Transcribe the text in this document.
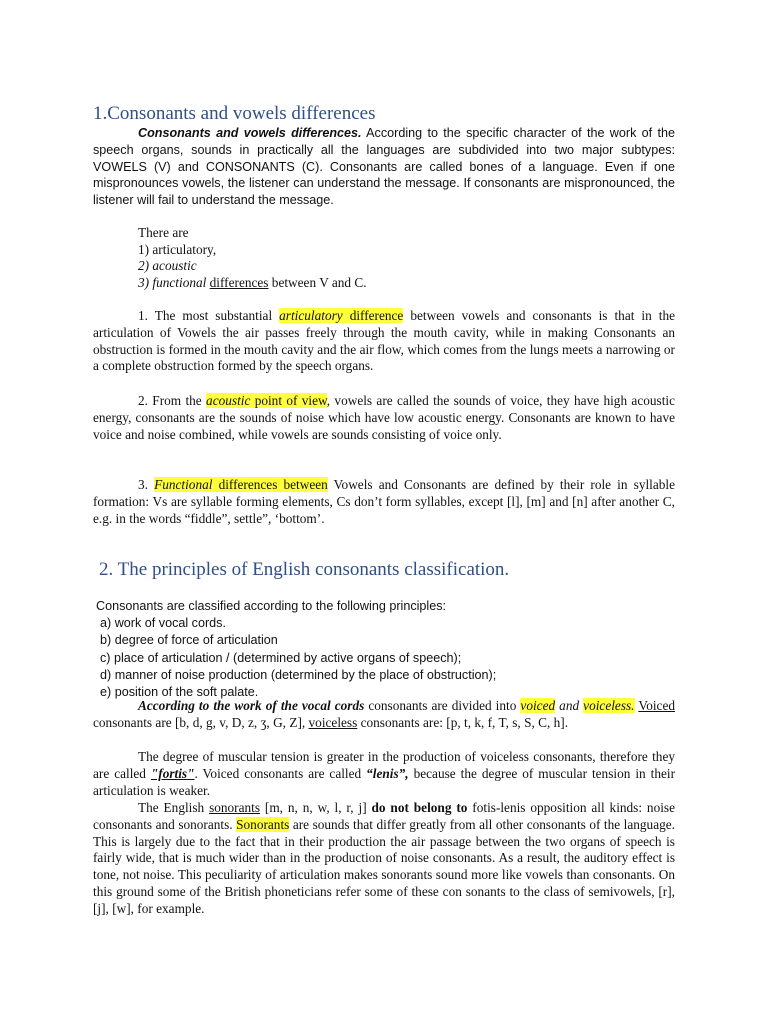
1.Consonants and vowels differences

Consonants and vowels differences. According to the specific character of the work of the speech organs, sounds in practically all the languages are subdivided into two major subtypes: VOWELS (V) and CONSONANTS (C). Consonants are called bones of a language. Even if one mispronounces vowels, the listener can understand the message. If consonants are mispronounced, the listener will fail to understand the message.

There are
1) articulatory,
2) acoustic
3) functional differences between V and C.

1. The most substantial articulatory difference between vowels and consonants is that in the articulation of Vowels the air passes freely through the mouth cavity, while in making Consonants an obstruction is formed in the mouth cavity and the air flow, which comes from the lungs meets a narrowing or a complete obstruction formed by the speech organs.

2. From the acoustic point of view, vowels are called the sounds of voice, they have high acoustic energy, consonants are the sounds of noise which have low acoustic energy. Consonants are known to have voice and noise combined, while vowels are sounds consisting of voice only.

3. Functional differences between Vowels and Consonants are defined by their role in syllable formation: Vs are syllable forming elements, Cs don’t form syllables, except [l], [m] and [n] after another C, e.g. in the words “fiddle”, settle”, ‘bottom’.

2. The principles of English consonants classification.
Consonants are classified according to the following principles:
a) work of vocal cords.
b) degree of force of articulation
c) place of articulation / (determined by active organs of speech);
d) manner of noise production (determined by the place of obstruction);
e) position of the soft palate.

According to the work of the vocal cords consonants are divided into voiced and voiceless. Voiced consonants are [b, d, g, v, D, z, ʒ, G, Z], voiceless consonants are: [p, t, k, f, T, s, S, C, h].

The degree of muscular tension is greater in the production of voiceless consonants, therefore they are called "fortis". Voiced consonants are called “lenis”, because the degree of muscular tension in their articulation is weaker.

The English sonorants [m, n, n, w, l, r, j] do not belong to fotis-lenis opposition all kinds: noise consonants and sonorants. Sonorants are sounds that differ greatly from all other consonants of the language. This is largely due to the fact that in their production the air passage between the two organs of speech is fairly wide, that is much wider than in the production of noise consonants. As a result, the auditory effect is tone, not noise. This peculiarity of articulation makes sonorants sound more like vowels than consonants. On this ground some of the British phoneticians refer some of these con sonants to the class of semivowels, [r], [j], [w], for example.
